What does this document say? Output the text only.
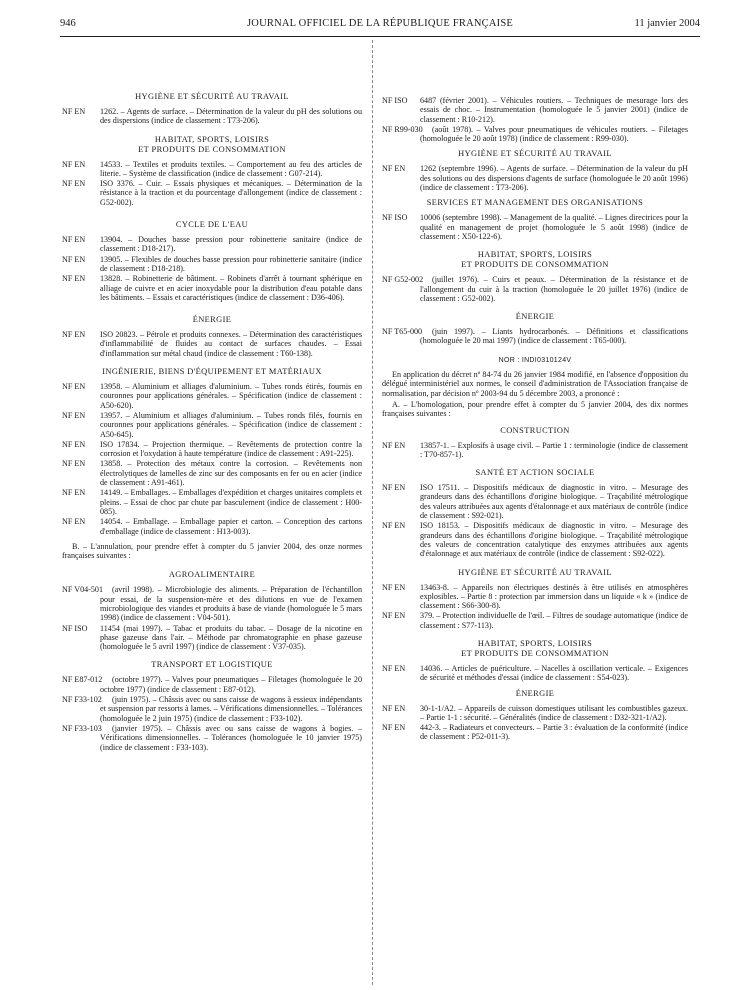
946	JOURNAL OFFICIEL DE LA RÉPUBLIQUE FRANÇAISE	11 janvier 2004
HYGIÈNE ET SÉCURITÉ AU TRAVAIL
NF EN	1262. – Agents de surface. – Détermination de la valeur du pH des solutions ou des dispersions (indice de classement : T73-206).
HABITAT, SPORTS, LOISIRS
ET PRODUITS DE CONSOMMATION
NF EN	14533. – Textiles et produits textiles. – Comportement au feu des articles de literie. – Système de classification (indice de classement : G07-214).
NF EN	ISO 3376. – Cuir. – Essais physiques et mécaniques. – Détermination de la résistance à la traction et du pourcentage d'allongement (indice de classement : G52-002).
CYCLE DE L'EAU
NF EN	13904. – Douches basse pression pour robinetterie sanitaire (indice de classement : D18-217).
NF EN	13905. – Flexibles de douches basse pression pour robinetterie sanitaire (indice de classement : D18-218).
NF EN	13828. – Robinetterie de bâtiment. – Robinets d'arrêt à tournant sphérique en alliage de cuivre et en acier inoxydable pour la distribution d'eau potable dans les bâtiments. – Essais et caractéristiques (indice de classement : D36-406).
ÉNERGIE
NF EN	ISO 20823. – Pétrole et produits connexes. – Détermination des caractéristiques d'inflammabilité de fluides au contact de surfaces chaudes. – Essai d'inflammation sur métal chaud (indice de classement : T60-138).
INGÉNIERIE, BIENS D'ÉQUIPEMENT ET MATÉRIAUX
NF EN	13958. – Aluminium et alliages d'aluminium. – Tubes ronds étirés, fournis en couronnes pour applications générales. – Spécification (indice de classement : A50-620).
NF EN	13957. – Aluminium et alliages d'aluminium. – Tubes ronds filés, fournis en couronnes pour applications générales. – Spécification (indice de classement : A50-645).
NF EN	ISO 17834. – Projection thermique. – Revêtements de protection contre la corrosion et l'oxydation à haute température (indice de classement : A91-225).
NF EN	13858. – Protection des métaux contre la corrosion. – Revêtements non électrolytiques de lamelles de zinc sur des composants en fer ou en acier (indice de classement : A91-461).
NF EN	14149. – Emballages. – Emballages d'expédition et charges unitaires complets et pleins. – Essai de choc par chute par basculement (indice de classement : H00-085).
NF EN	14054. – Emballage. – Emballage papier et carton. – Conception des cartons d'emballage (indice de classement : H13-003).
B. – L'annulation, pour prendre effet à compter du 5 janvier 2004, des onze normes françaises suivantes :
AGROALIMENTAIRE
NF V04-501	(avril 1998). – Microbiologie des aliments. – Préparation de l'échantillon pour essai, de la suspension-mère et des dilutions en vue de l'examen microbiologique des viandes et produits à base de viande (homologuée le 5 mars 1998) (indice de classement : V04-501).
NF ISO	11454 (mai 1997). – Tabac et produits du tabac. – Dosage de la nicotine en phase gazeuse dans l'air. – Méthode par chromatographie en phase gazeuse (homologuée le 5 avril 1997) (indice de classement : V37-035).
TRANSPORT ET LOGISTIQUE
NF E87-012	(octobre 1977). – Valves pour pneumatiques – Filetages (homologuée le 20 octobre 1977) (indice de classement : E87-012).
NF F33-102	(juin 1975). – Châssis avec ou sans caisse de wagons à essieux indépendants et suspension par ressorts à lames. – Vérifications dimensionnelles. – Tolérances (homologuée le 2 juin 1975) (indice de classement : F33-102).
NF F33-103	(janvier 1975). – Châssis avec ou sans caisse de wagons à bogies. – Vérifications dimensionnelles. – Tolérances (homologuée le 10 janvier 1975) (indice de classement : F33-103).
NF ISO	6487 (février 2001). – Véhicules routiers. – Techniques de mesurage lors des essais de choc. – Instrumentation (homologuée le 5 janvier 2001) (indice de classement : R10-212).
NF R99-030	(août 1978). – Valves pour pneumatiques de véhicules routiers. – Filetages (homologuée le 20 août 1978) (indice de classement : R99-030).
HYGIÈNE ET SÉCURITÉ AU TRAVAIL
NF EN	1262 (septembre 1996). – Agents de surface. – Détermination de la valeur du pH des solutions ou des dispersions d'agents de surface (homologuée le 20 août 1996) (indice de classement : T73-206).
SERVICES ET MANAGEMENT DES ORGANISATIONS
NF ISO	10006 (septembre 1998). – Management de la qualité. – Lignes directrices pour la qualité en management de projet (homologuée le 5 août 1998) (indice de classement : X50-122-6).
HABITAT, SPORTS, LOISIRS
ET PRODUITS DE CONSOMMATION
NF G52-002	(juillet 1976). – Cuirs et peaux. – Détermination de la résistance et de l'allongement du cuir à la traction (homologuée le 20 juillet 1976) (indice de classement : G52-002).
ÉNERGIE
NF T65-000	(juin 1997). – Liants hydrocarbonés. – Définitions et classifications (homologuée le 20 mai 1997) (indice de classement : T65-000).
NOR : INDI0310124V
En application du décret nº 84-74 du 26 janvier 1984 modifié, en l'absence d'opposition du délégué interministériel aux normes, le conseil d'administration de l'Association française de normalisation, par décision nº 2003-94 du 5 décembre 2003, a prononcé :
A. – L'homologation, pour prendre effet à compter du 5 janvier 2004, des dix normes françaises suivantes :
CONSTRUCTION
NF EN	13857-1. – Explosifs à usage civil. – Partie 1 : terminologie (indice de classement : T70-857-1).
SANTÉ ET ACTION SOCIALE
NF EN	ISO 17511. – Dispositifs médicaux de diagnostic in vitro. – Mesurage des grandeurs dans des échantillons d'origine biologique. – Traçabilité métrologique des valeurs attribuées aux agents d'étalonnage et aux matériaux de contrôle (indice de classement : S92-021).
NF EN	ISO 18153. – Dispositifs médicaux de diagnostic in vitro. – Mesurage des grandeurs dans des échantillons d'origine biologique. – Traçabilité métrologique des valeurs de concentration catalytique des enzymes attribuées aux agents d'étalonnage et aux matériaux de contrôle (indice de classement : S92-022).
HYGIÈNE ET SÉCURITÉ AU TRAVAIL
NF EN	13463-8. – Appareils non électriques destinés à être utilisés en atmosphères explosibles. – Partie 8 : protection par immersion dans un liquide « k » (indice de classement : S66-300-8).
NF EN	379. – Protection individuelle de l'œil. – Filtres de soudage automatique (indice de classement : S77-113).
HABITAT, SPORTS, LOISIRS
ET PRODUITS DE CONSOMMATION
NF EN	14036. – Articles de puériculture. – Nacelles à oscillation verticale. – Exigences de sécurité et méthodes d'essai (indice de classement : S54-023).
ÉNERGIE
NF EN	30-1-1/A2. – Appareils de cuisson domestiques utilisant les combustibles gazeux. – Partie 1-1 : sécurité. – Généralités (indice de classement : D32-321-1/A2).
NF EN	442-3. – Radiateurs et convecteurs. – Partie 3 : évaluation de la conformité (indice de classement : P52-011-3).
